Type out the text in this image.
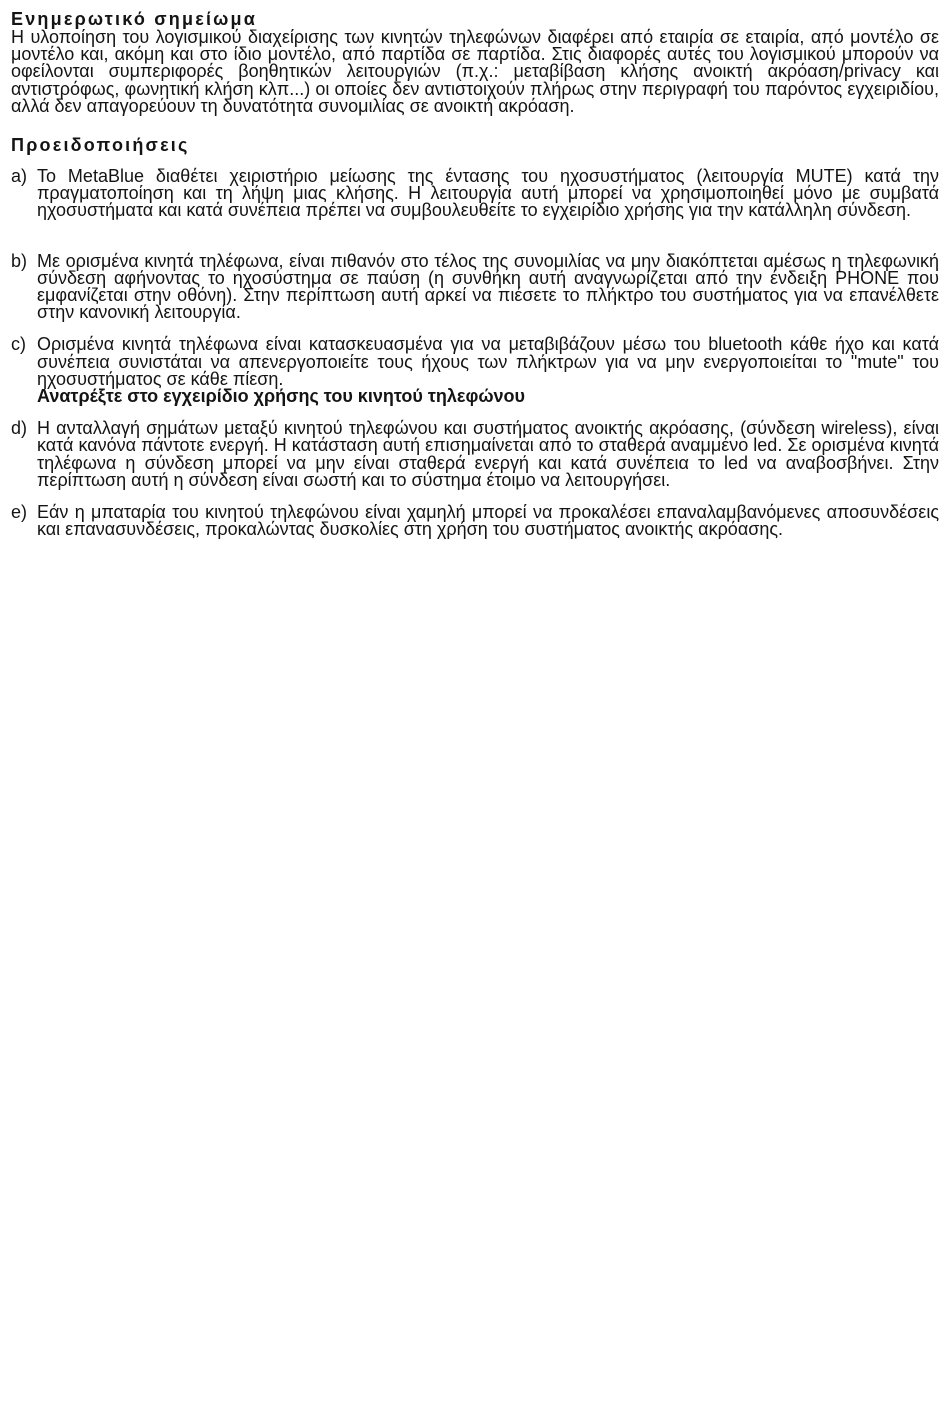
Ενημερωτικό σημείωμα

Η υλοποίηση του λογισμικού διαχείρισης των κινητών τηλεφώνων διαφέρει από εταιρία σε εταιρία, από μοντέλο σε μοντέλο και, ακόμη και στο ίδιο μοντέλο, από παρτίδα σε παρτίδα. Στις διαφορές αυτές του λογισμικού μπορούν να οφείλονται συμπεριφορές βοηθητικών λειτουργιών (π.χ.: μεταβίβαση κλήσης ανοικτή ακρόαση/privacy και αντιστρόφως, φωνητική κλήση κλπ...) οι οποίες δεν αντιστοιχούν πλήρως στην περιγραφή του παρόντος εγχειριδίου, αλλά δεν απαγορεύουν τη δυνατότητα συνομιλίας σε ανοικτή ακρόαση.

Προειδοποιήσεις
a) Το MetaBlue διαθέτει χειριστήριο μείωσης της έντασης του ηχοσυστήματος (λειτουργία MUTE) κατά την πραγματοποίηση και τη λήψη μιας κλήσης. Η λειτουργία αυτή μπορεί να χρησιμοποιηθεί μόνο με συμβατά ηχοσυστήματα και κατά συνέπεια πρέπει να συμβουλευθείτε το εγχειρίδιο χρήσης για την κατάλληλη σύνδεση.
b) Με ορισμένα κινητά τηλέφωνα, είναι πιθανόν στο τέλος της συνομιλίας να μην διακόπτεται αμέσως η τηλεφωνική σύνδεση αφήνοντας το ηχοσύστημα σε παύση (η συνθήκη αυτή αναγνωρίζεται από την ένδειξη PHONE που εμφανίζεται στην οθόνη). Στην περίπτωση αυτή αρκεί να πιέσετε το πλήκτρο του συστήματος για να επανέλθετε στην κανονική λειτουργία.
c) Ορισμένα κινητά τηλέφωνα είναι κατασκευασμένα για να μεταβιβάζουν μέσω του bluetooth κάθε ήχο και κατά συνέπεια συνιστάται να απενεργοποιείτε τους ήχους των πλήκτρων για να μην ενεργοποιείται το "mute" του ηχοσυστήματος σε κάθε πίεση.
Ανατρέξτε στο εγχειρίδιο χρήσης του κινητού τηλεφώνου
d) Η ανταλλαγή σημάτων μεταξύ κινητού τηλεφώνου και συστήματος ανοικτής ακρόασης, (σύνδεση wireless), είναι κατά κανόνα πάντοτε ενεργή. Η κατάσταση αυτή επισημαίνεται από το σταθερά αναμμένο led. Σε ορισμένα κινητά τηλέφωνα η σύνδεση μπορεί να μην είναι σταθερά ενεργή και κατά συνέπεια το led να αναβοσβήνει. Στην περίπτωση αυτή η σύνδεση είναι σωστή και το σύστημα έτοιμο να λειτουργήσει.
e) Εάν η μπαταρία του κινητού τηλεφώνου είναι χαμηλή μπορεί να προκαλέσει επαναλαμβανόμενες αποσυνδέσεις και επανασυνδέσεις, προκαλώντας δυσκολίες στη χρήση του συστήματος ανοικτής ακρόασης.
